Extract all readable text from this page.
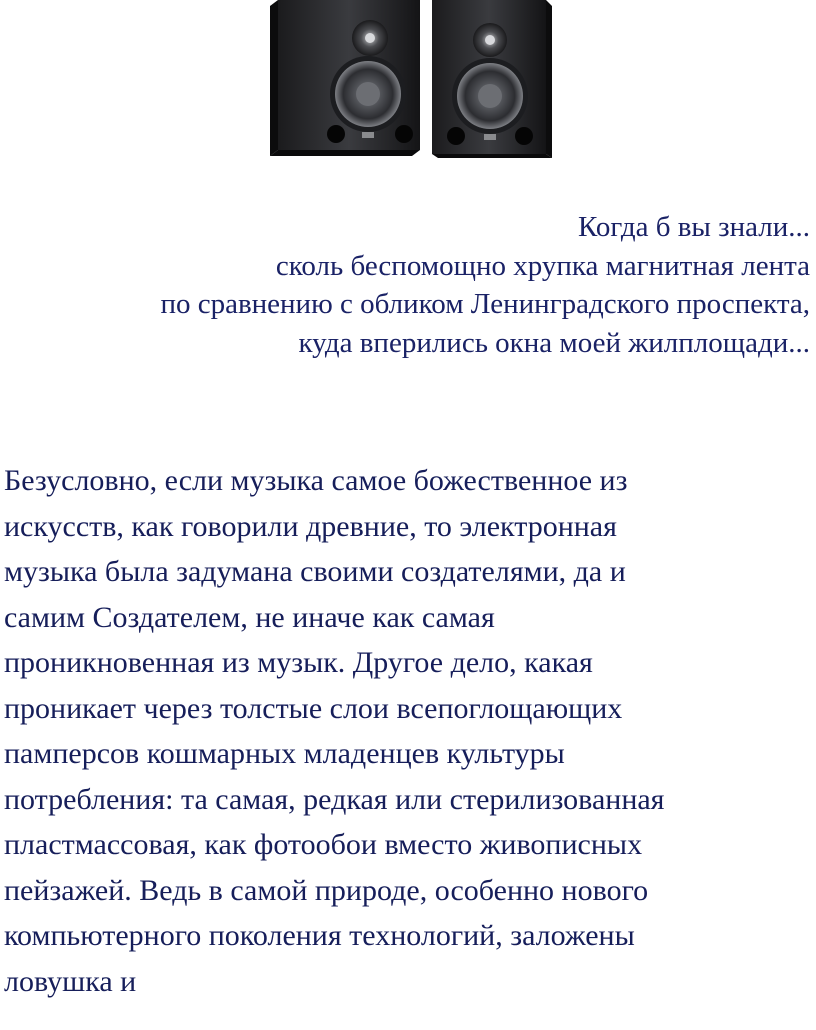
Когда б вы знали...
сколь беспомощно хрупка магнитная лента
по сравнению с обликом Ленинградского проспекта,
куда вперились окна моей жилплощади...
Безусловно, если музыка самое божественное из
искусств, как говорили древние, то электронная
музыка была задумана своими создателями, да и
самим Создателем, не иначе как самая
проникновенная из музык. Другое дело, какая
проникает через толстые слои всепоглощающих
памперсов кошмарных младенцев культуры
потребления: та самая, редкая или стерилизованная
пластмассовая, как фотообои вместо живописных
пейзажей. Ведь в самой природе, особенно нового
компьютерного поколения технологий, заложены
ловушка и
